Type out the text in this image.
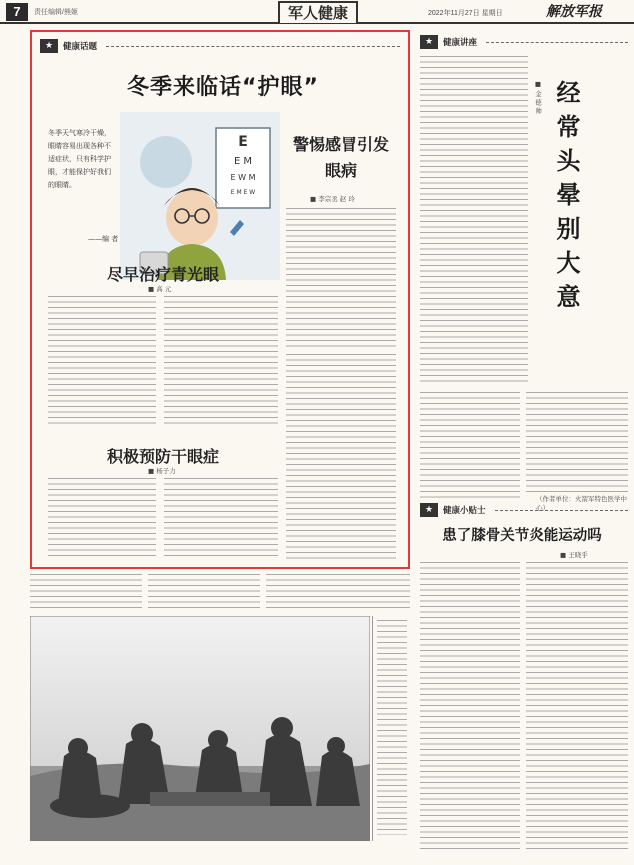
7	责任编辑/熊姬	军人健康	2022年11月27日 星期日	解放军报
★	健康话题
冬季来临话“护眼”
冬季天气寒冷干燥，眼睛容易出现各种不适症状，只有科学护眼，才能保护好我们的眼睛。
——编 者
E
E M
E W M
E M E W
警惕感冒引发眼病
■ 李宗丞 赵 玲
尽早治疗青光眼
■ 高 元
积极预防干眼症
■ 杨子力
★	健康讲座
■ 金 德 帅 经常头晕别大意
（作者单位：火箭军特色医学中心）
★	健康小贴士
患了膝骨关节炎能运动吗
■ 王晓乎
